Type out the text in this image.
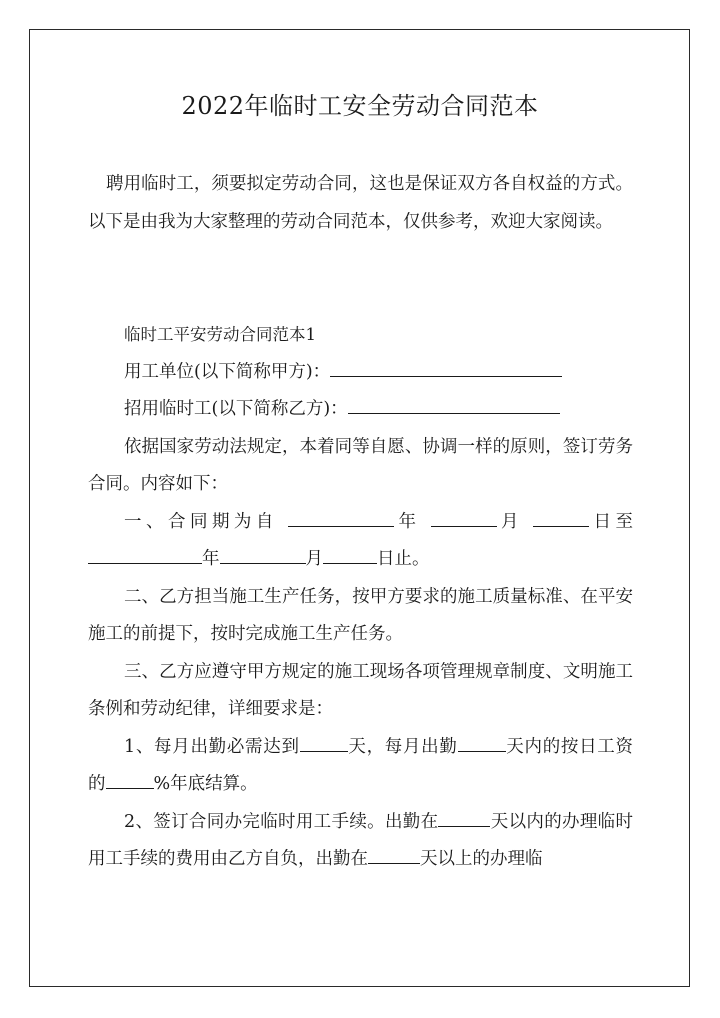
2022年临时工安全劳动合同范本

聘用临时工，须要拟定劳动合同，这也是保证双方各自权益的方式。以下是由我为大家整理的劳动合同范本，仅供参考，欢迎大家阅读。

临时工平安劳动合同范本1

用工单位(以下简称甲方)：

招用临时工(以下简称乙方)：

依据国家劳动法规定，本着同等自愿、协调一样的原则，签订劳务合同。内容如下：

一、合同期为自	年	月	日至

年	月	日止。

二、乙方担当施工生产任务，按甲方要求的施工质量标准、在平安施工的前提下，按时完成施工生产任务。

三、乙方应遵守甲方规定的施工现场各项管理规章制度、文明施工条例和劳动纪律，详细要求是：

1、每月出勤必需达到	天，每月出勤	天内的按日工资的	%年底结算。

2、签订合同办完临时用工手续。出勤在	天以内的办理临时用工手续的费用由乙方自负，出勤在	天以上的办理临
